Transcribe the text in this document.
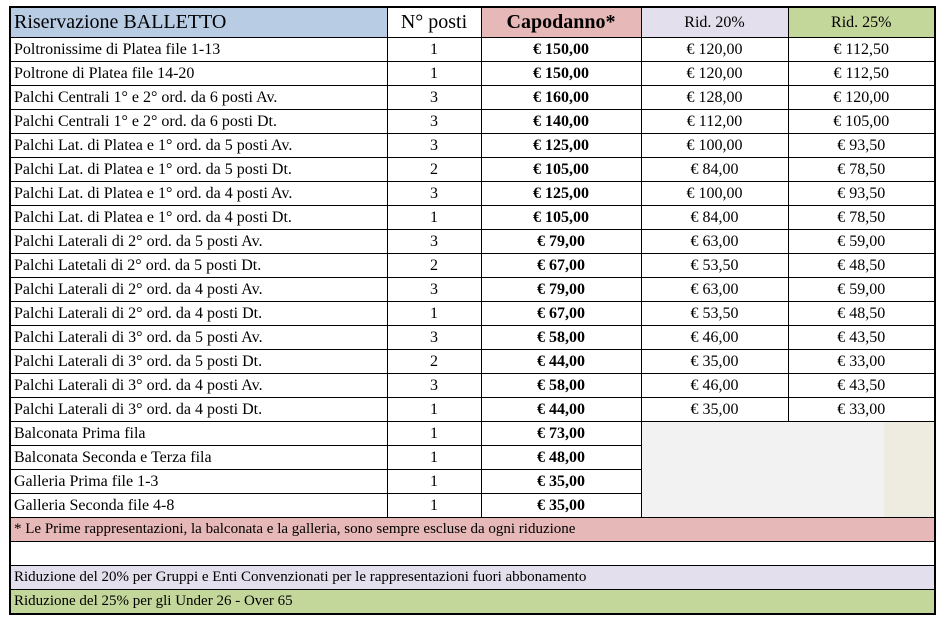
Riservazione BALLETTO	N° posti	Capodanno*	Rid. 20%	Rid. 25%
Poltronissime di Platea file 1-13	1	€ 150,00	€ 120,00	€ 112,50
Poltrone di Platea file 14-20	1	€ 150,00	€ 120,00	€ 112,50
Palchi Centrali 1° e 2° ord. da 6 posti Av.	3	€ 160,00	€ 128,00	€ 120,00
Palchi Centrali 1° e 2° ord. da 6 posti Dt.	3	€ 140,00	€ 112,00	€ 105,00
Palchi Lat. di Platea e 1° ord. da 5 posti Av.	3	€ 125,00	€ 100,00	€ 93,50
Palchi Lat. di Platea e 1° ord. da 5 posti Dt.	2	€ 105,00	€ 84,00	€ 78,50
Palchi Lat. di Platea e 1° ord. da 4 posti Av.	3	€ 125,00	€ 100,00	€ 93,50
Palchi Lat. di Platea e 1° ord. da 4 posti Dt.	1	€ 105,00	€ 84,00	€ 78,50
Palchi Laterali di 2° ord. da 5 posti Av.	3	€ 79,00	€ 63,00	€ 59,00
Palchi Latetali di 2° ord. da 5 posti Dt.	2	€ 67,00	€ 53,50	€ 48,50
Palchi Laterali di 2° ord. da 4 posti Av.	3	€ 79,00	€ 63,00	€ 59,00
Palchi Laterali di 2° ord. da 4 posti Dt.	1	€ 67,00	€ 53,50	€ 48,50
Palchi Laterali di 3° ord. da 5 posti Av.	3	€ 58,00	€ 46,00	€ 43,50
Palchi Laterali di 3° ord. da 5 posti Dt.	2	€ 44,00	€ 35,00	€ 33,00
Palchi Laterali di 3° ord. da 4 posti Av.	3	€ 58,00	€ 46,00	€ 43,50
Palchi Laterali di 3° ord. da 4 posti Dt.	1	€ 44,00	€ 35,00	€ 33,00
Balconata Prima fila	1	€ 73,00		
Balconata Seconda e Terza fila	1	€ 48,00		
Galleria Prima file 1-3	1	€ 35,00		
Galleria Seconda file 4-8	1	€ 35,00		
* Le Prime rappresentazioni, la balconata e la galleria, sono sempre escluse da ogni riduzione				

Riduzione del 20% per Gruppi e Enti Convenzionati per le rappresentazioni fuori abbonamento				
Riduzione del 25% per gli Under 26 - Over 65				
